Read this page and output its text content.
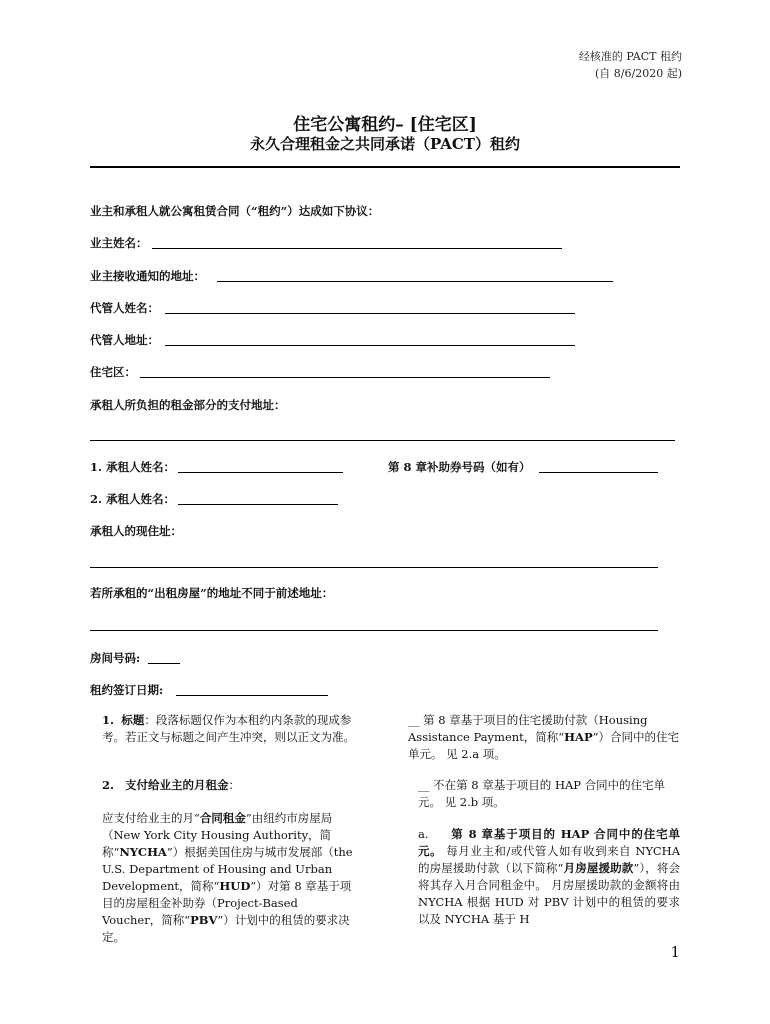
经核准的 PACT 租约
(自 8/6/2020 起)
住宅公寓租约– [住宅区]
永久合理租金之共同承诺（PACT）租约
业主和承租人就公寓租赁合同（“租约”）达成如下协议：
业主姓名：
业主接收通知的地址：
代管人姓名：
代管人地址：
住宅区：
承租人所负担的租金部分的支付地址：
1. 承租人姓名：	第 8 章补助券号码（如有）
2. 承租人姓名：
承租人的现住址：
若所承租的“出租房屋”的地址不同于前述地址：
房间号码:
租约签订日期:
1. 标题：段落标题仅作为本租约内条款的现成参考。若正文与标题之间产生冲突，则以正文为准。
2. 支付给业主的月租金：
应支付给业主的月“合同租金”由纽约市房屋局（New York City Housing Authority，简称“NYCHA”）根据美国住房与城市发展部（the U.S. Department of Housing and Urban Development，简称“HUD”）对第 8 章基于项目的房屋租金补助券（Project-Based Voucher，简称“PBV”）计划中的租赁的要求决定。
__ 第 8 章基于项目的住宅援助付款（Housing Assistance Payment，简称“HAP”）合同中的住宅单元。 见 2.a 项。
__ 不在第 8 章基于项目的 HAP 合同中的住宅单元。 见 2.b 项。
a. 第 8 章基于项目的 HAP 合同中的住宅单元。 每月业主和/或代管人如有收到来自 NYCHA 的房屋援助付款（以下简称“月房屋援助款”），将会将其存入月合同租金中。 月房屋援助款的金额将由 NYCHA 根据 HUD 对 PBV 计划中的租赁的要求以及 NYCHA 基于 H
1
